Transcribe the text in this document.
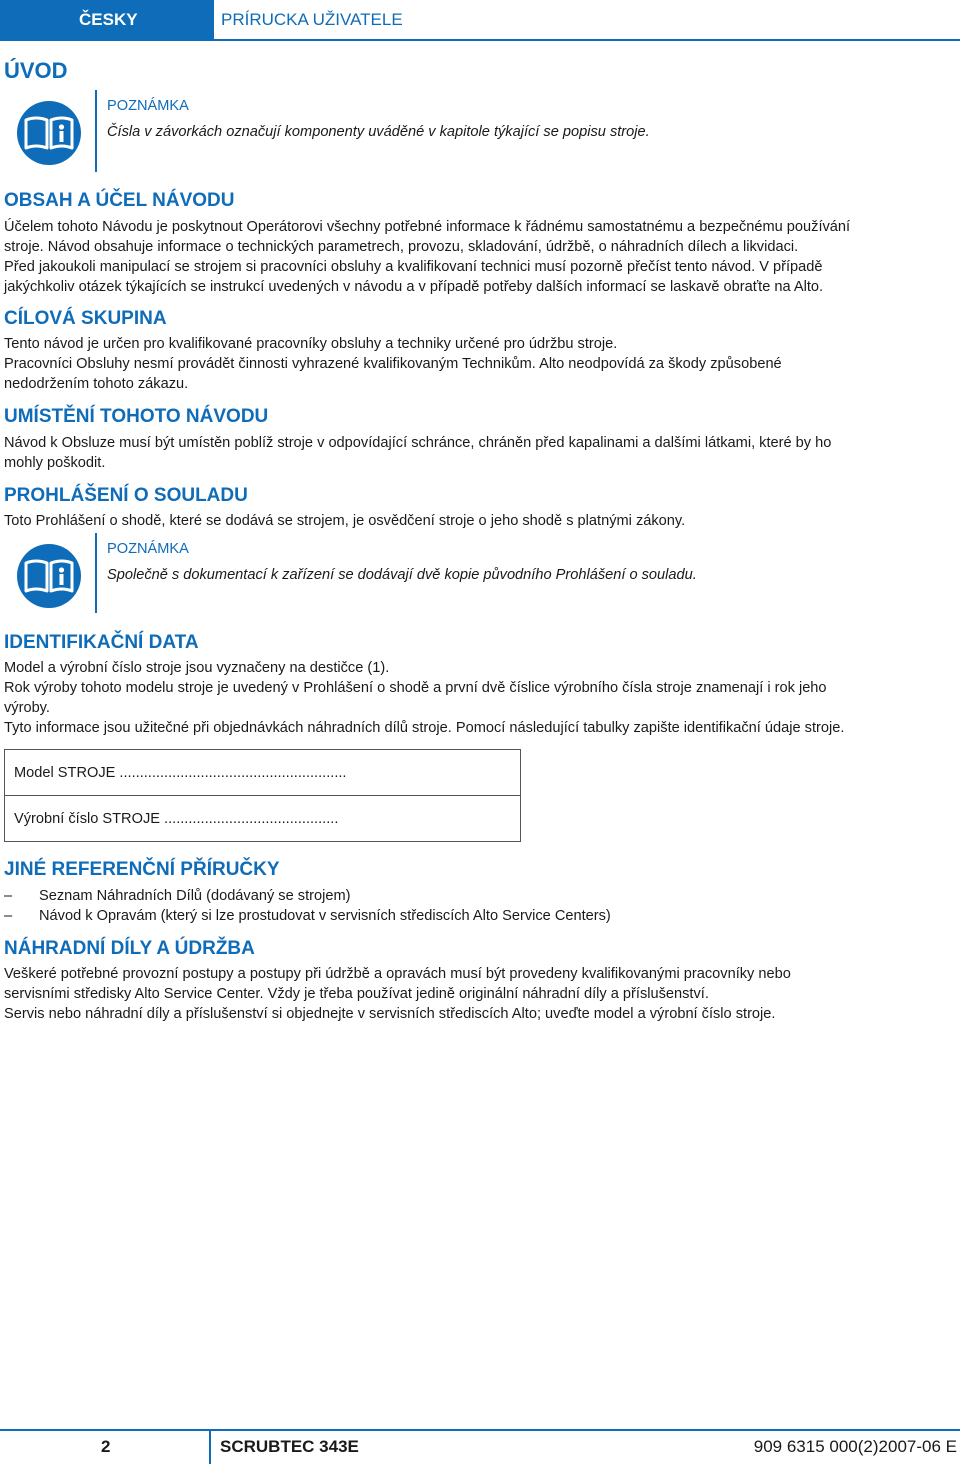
ČESKY	PRÍRUCKA UŽIVATELE
ÚVOD
POZNÁMKA
Čísla v závorkách označují komponenty uváděné v kapitole týkající se popisu stroje.
OBSAH A ÚČEL NÁVODU

Účelem tohoto Návodu je poskytnout Operátorovi všechny potřebné informace k řádnému samostatnému a bezpečnému používání
stroje. Návod obsahuje informace o technických parametrech, provozu, skladování, údržbě, o náhradních dílech a likvidaci.
Před jakoukoli manipulací se strojem si pracovníci obsluhy a kvalifikovaní technici musí pozorně přečíst tento návod. V případě
jakýchkoliv otázek týkajících se instrukcí uvedených v návodu a v případě potřeby dalších informací se laskavě obraťte na Alto.

CÍLOVÁ SKUPINA

Tento návod je určen pro kvalifikované pracovníky obsluhy a techniky určené pro údržbu stroje.
Pracovníci Obsluhy nesmí provádět činnosti vyhrazené kvalifikovaným Technikům. Alto neodpovídá za škody způsobené
nedodržením tohoto zákazu.

UMÍSTĚNÍ TOHOTO NÁVODU

Návod k Obsluze musí být umístěn poblíž stroje v odpovídající schránce, chráněn před kapalinami a dalšími látkami, které by ho
mohly poškodit.

PROHLÁŠENÍ O SOULADU

Toto Prohlášení o shodě, které se dodává se strojem, je osvědčení stroje o jeho shodě s platnými zákony.

POZNÁMKA
Společně s dokumentací k zařízení se dodávají dvě kopie původního Prohlášení o souladu.
IDENTIFIKAČNÍ DATA

Model a výrobní číslo stroje jsou vyznačeny na destičce (1).
Rok výroby tohoto modelu stroje je uvedený v Prohlášení o shodě a první dvě číslice výrobního čísla stroje znamenají i rok jeho
výroby.
Tyto informace jsou užitečné při objednávkách náhradních dílů stroje. Pomocí následující tabulky zapište identifikační údaje stroje.

Model STROJE ........................................................
Výrobní číslo STROJE ...........................................
JINÉ REFERENČNÍ PŘÍRUČKY
– Seznam Náhradních Dílů (dodávaný se strojem)
– Návod k Opravám (který si lze prostudovat v servisních střediscích Alto Service Centers)
NÁHRADNÍ DÍLY A ÚDRŽBA

Veškeré potřebné provozní postupy a postupy při údržbě a opravách musí být provedeny kvalifikovanými pracovníky nebo
servisními středisky Alto Service Center. Vždy je třeba používat jedině originální náhradní díly a příslušenství.
Servis nebo náhradní díly a příslušenství si objednejte v servisních střediscích Alto; uveďte model a výrobní číslo stroje.

2	SCRUBTEC 343E	909 6315 000(2)2007-06 E
